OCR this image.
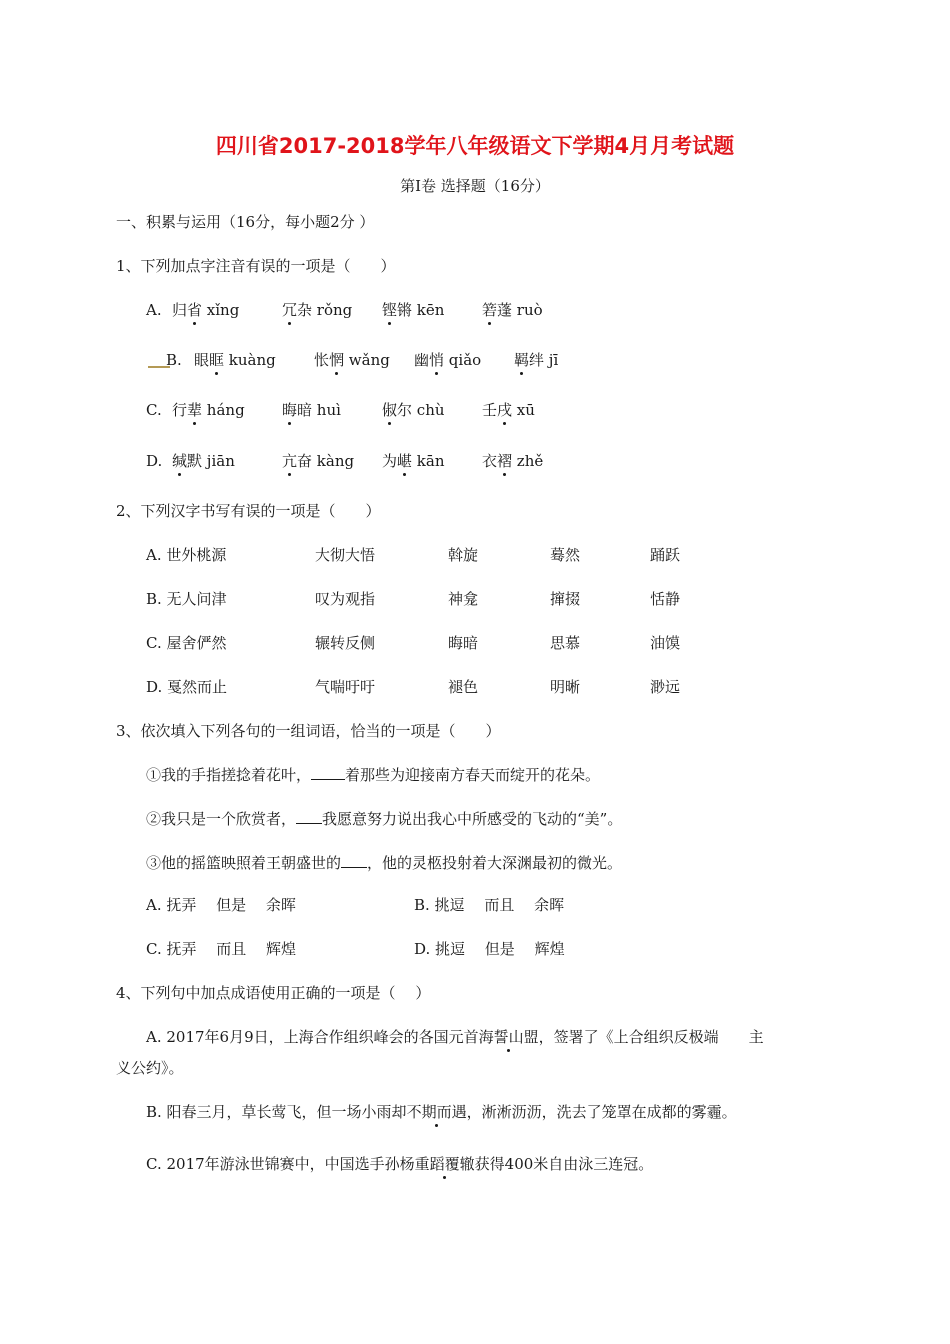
四川省2017-2018学年八年级语文下学期4月月考试题
第Ⅰ卷 选择题（16分）
一、积累与运用（16分，每小题2分 ）
1、下列加点字注音有误的一项是（　　）
A. 归省 xǐng	冗杂 rǒng 铿锵 kēn	箬蓬 ruò
B. 眼眶 kuàng	怅惘 wǎng 幽悄 qiǎo 羁绊 jī
C. 行辈 háng 晦暗 huì	俶尔 chù 壬戌 xū
D. 缄默 jiān	亢奋 kàng 为嵁 kān	衣褶 zhě
2、下列汉字书写有误的一项是（　　）
A. 世外桃源	大彻大悟	斡旋	蓦然	踊跃
B. 无人问津	叹为观指	神龛	撺掇	恬静
C. 屋舍俨然	辗转反侧	晦暗	思慕	油馍
D. 戛然而止	气喘吁吁	褪色	明晰	渺远
3、依次填入下列各句的一组词语，恰当的一项是（　　）
①我的手指搓捻着花叶， 着那些为迎接南方春天而绽开的花朵。
②我只是一个欣赏者， 我愿意努力说出我心中所感受的飞动的“美”。
③他的摇篮映照着王朝盛世的 ，他的灵柩投射着大深渊最初的微光。
A. 抚弄　 但是　 余晖	B. 挑逗　 而且　 余晖
C. 抚弄　 而且　 辉煌	D. 挑逗　 但是　 辉煌
4、下列句中加点成语使用正确的一项是（　 ）
A. 2017年6月9日，上海合作组织峰会的各国元首海誓山盟，签署了《上合组织反极端　　主
义公约》。
B. 阳春三月，草长莺飞，但一场小雨却不期而遇，淅淅沥沥，洗去了笼罩在成都的雾霾。
C. 2017年游泳世锦赛中，中国选手孙杨重蹈覆辙获得400米自由泳三连冠。
